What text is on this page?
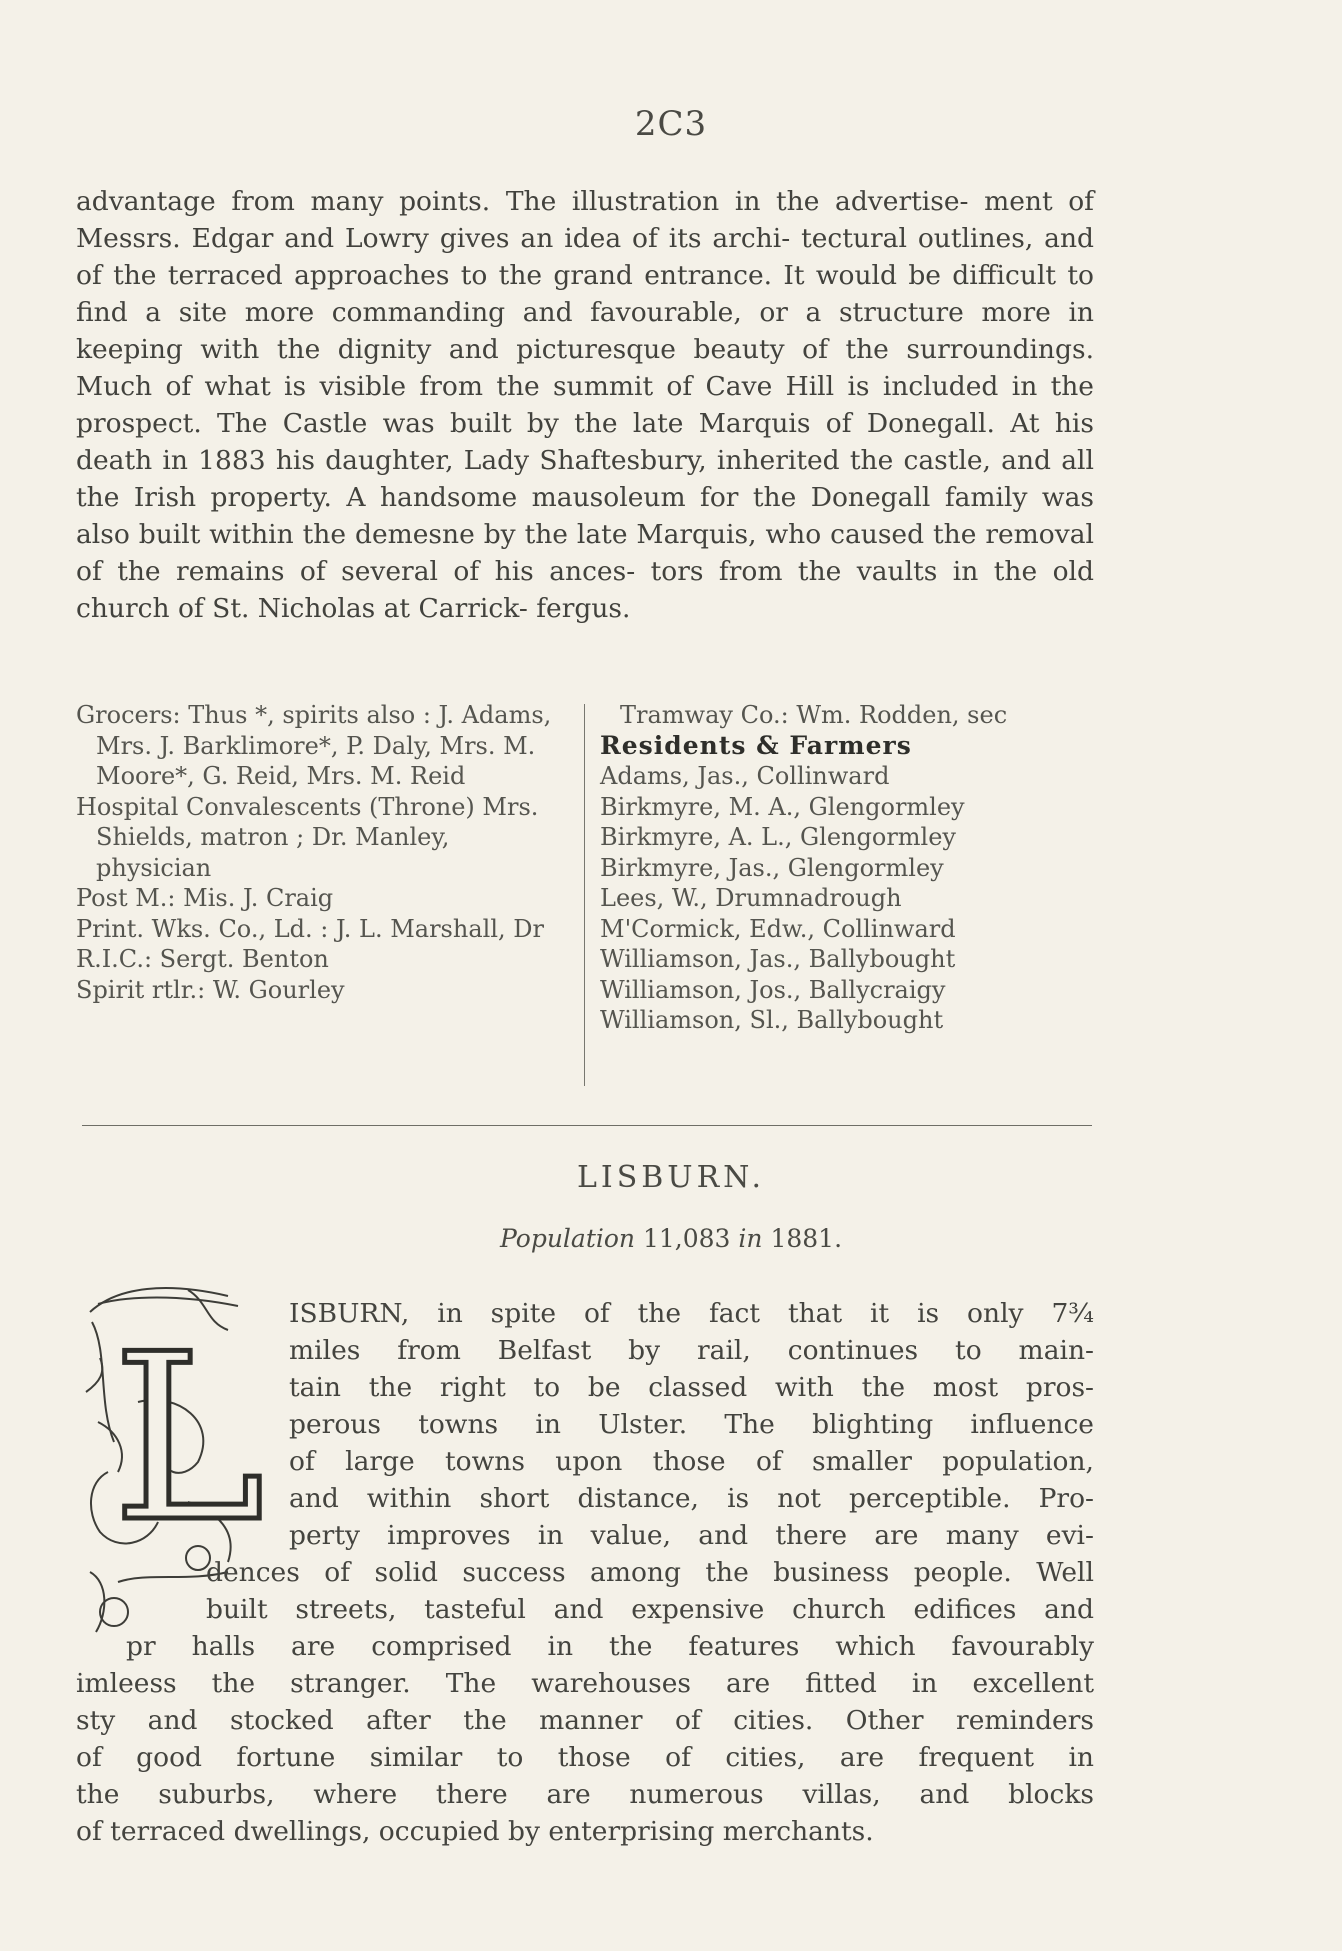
2C3

advantage from many points. The illustration in the advertise- ment of Messrs. Edgar and Lowry gives an idea of its archi- tectural outlines, and of the terraced approaches to the grand entrance. It would be difficult to find a site more commanding and favourable, or a structure more in keeping with the dignity and picturesque beauty of the surroundings. Much of what is visible from the summit of Cave Hill is included in the prospect. The Castle was built by the late Marquis of Donegall. At his death in 1883 his daughter, Lady Shaftesbury, inherited the castle, and all the Irish property. A handsome mausoleum for the Donegall family was also built within the demesne by the late Marquis, who caused the removal of the remains of several of his ances- tors from the vaults in the old church of St. Nicholas at Carrick- fergus.

Grocers: Thus *, spirits also : J. Adams, Mrs. J. Barklimore*, P. Daly, Mrs. M. Moore*, G. Reid, Mrs. M. Reid

Hospital Convalescents (Throne) Mrs. Shields, matron ; Dr. Manley, physician

Post M.: Mis. J. Craig

Print. Wks. Co., Ld. : J. L. Marshall, Dr

R.I.C.: Sergt. Benton

Spirit rtlr.: W. Gourley

Tramway Co.: Wm. Rodden, sec

Residents & Farmers

Adams, Jas., Collinward

Birkmyre, M. A., Glengormley

Birkmyre, A. L., Glengormley

Birkmyre, Jas., Glengormley

Lees, W., Drumnadrough

M'Cormick, Edw., Collinward

Williamson, Jas., Ballybought

Williamson, Jos., Ballycraigy

Williamson, Sl., Ballybought

LISBURN.
Population 11,083 in 1881.
L ISBURN, in spite of the fact that it is only 7¾
miles from Belfast by rail, continues to main-
tain the right to be classed with the most pros-
perous towns in Ulster. The blighting influence
of large towns upon those of smaller population,
and within short distance, is not perceptible. Pro-
perty improves in value, and there are many evi-
dences of solid success among the business people. Well
built streets, tasteful and expensive church edifices and
pr halls are comprised in the features which favourably
imleess the stranger. The warehouses are fitted in excellent
sty and stocked after the manner of cities. Other reminders
of good fortune similar to those of cities, are frequent in
the suburbs, where there are numerous villas, and blocks
of terraced dwellings, occupied by enterprising merchants.
